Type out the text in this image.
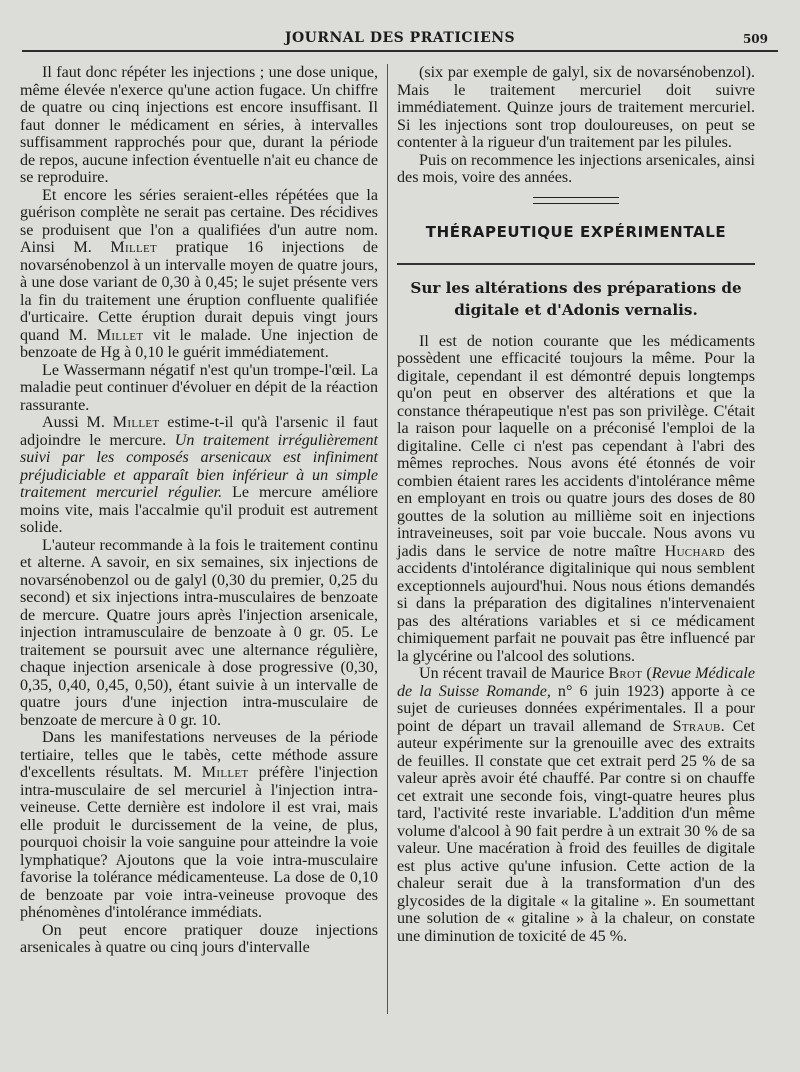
JOURNAL DES PRATICIENS	509

Il faut donc répéter les injections ; une dose unique, même élevée n'exerce qu'une action fugace. Un chiffre de quatre ou cinq injections est encore insuffisant. Il faut donner le médicament en séries, à intervalles suffisamment rapprochés pour que, durant la période de repos, aucune infection éventuelle n'ait eu chance de se reproduire.

Et encore les séries seraient-elles répétées que la guérison complète ne serait pas certaine. Des récidives se produisent que l'on a qualifiées d'un autre nom. Ainsi M. Millet pratique 16 injections de novarsénobenzol à un intervalle moyen de quatre jours, à une dose variant de 0,30 à 0,45; le sujet présente vers la fin du traitement une éruption confluente qualifiée d'urticaire. Cette éruption durait depuis vingt jours quand M. Millet vit le malade. Une injection de benzoate de Hg à 0,10 le guérit immédiatement.

Le Wassermann négatif n'est qu'un trompe-l'œil. La maladie peut continuer d'évoluer en dépit de la réaction rassurante.

Aussi M. Millet estime-t-il qu'à l'arsenic il faut adjoindre le mercure. Un traitement irrégulièrement suivi par les composés arsenicaux est infiniment préjudiciable et apparaît bien inférieur à un simple traitement mercuriel régulier. Le mercure améliore moins vite, mais l'accalmie qu'il produit est autrement solide.

L'auteur recommande à la fois le traitement continu et alterne. A savoir, en six semaines, six injections de novarsénobenzol ou de galyl (0,30 du premier, 0,25 du second) et six injections intra-musculaires de benzoate de mercure. Quatre jours après l'injection arsenicale, injection intramusculaire de benzoate à 0 gr. 05. Le traitement se poursuit avec une alternance régulière, chaque injection arsenicale à dose progressive (0,30, 0,35, 0,40, 0,45, 0,50), étant suivie à un intervalle de quatre jours d'une injection intra-musculaire de benzoate de mercure à 0 gr. 10.

Dans les manifestations nerveuses de la période tertiaire, telles que le tabès, cette méthode assure d'excellents résultats. M. Millet préfère l'injection intra-musculaire de sel mercuriel à l'injection intra-veineuse. Cette dernière est indolore il est vrai, mais elle produit le durcissement de la veine, de plus, pourquoi choisir la voie sanguine pour atteindre la voie lymphatique? Ajoutons que la voie intra-musculaire favorise la tolérance médicamenteuse. La dose de 0,10 de benzoate par voie intra-veineuse provoque des phénomènes d'intolérance immédiats.

On peut encore pratiquer douze injections arsenicales à quatre ou cinq jours d'intervalle

(six par exemple de galyl, six de novarsénobenzol). Mais le traitement mercuriel doit suivre immédiatement. Quinze jours de traitement mercuriel. Si les injections sont trop douloureuses, on peut se contenter à la rigueur d'un traitement par les pilules.

Puis on recommence les injections arsenicales, ainsi des mois, voire des années.

THÉRAPEUTIQUE EXPÉRIMENTALE
Sur les altérations des préparations de digitale et d'Adonis vernalis.

Il est de notion courante que les médicaments possèdent une efficacité toujours la même. Pour la digitale, cependant il est démontré depuis longtemps qu'on peut en observer des altérations et que la constance thérapeutique n'est pas son privilège. C'était la raison pour laquelle on a préconisé l'emploi de la digitaline. Celle ci n'est pas cependant à l'abri des mêmes reproches. Nous avons été étonnés de voir combien étaient rares les accidents d'intolérance même en employant en trois ou quatre jours des doses de 80 gouttes de la solution au millième soit en injections intraveineuses, soit par voie buccale. Nous avons vu jadis dans le service de notre maître Huchard des accidents d'intolérance digitalinique qui nous semblent exceptionnels aujourd'hui. Nous nous étions demandés si dans la préparation des digitalines n'intervenaient pas des altérations variables et si ce médicament chimiquement parfait ne pouvait pas être influencé par la glycérine ou l'alcool des solutions.

Un récent travail de Maurice Brot (Revue Médicale de la Suisse Romande, n° 6 juin 1923) apporte à ce sujet de curieuses données expérimentales. Il a pour point de départ un travail allemand de Straub. Cet auteur expérimente sur la grenouille avec des extraits de feuilles. Il constate que cet extrait perd 25 % de sa valeur après avoir été chauffé. Par contre si on chauffe cet extrait une seconde fois, vingt-quatre heures plus tard, l'activité reste invariable. L'addition d'un même volume d'alcool à 90 fait perdre à un extrait 30 % de sa valeur. Une macération à froid des feuilles de digitale est plus active qu'une infusion. Cette action de la chaleur serait due à la transformation d'un des glycosides de la digitale « la gitaline ». En soumettant une solution de « gitaline » à la chaleur, on constate une diminution de toxicité de 45 %.
